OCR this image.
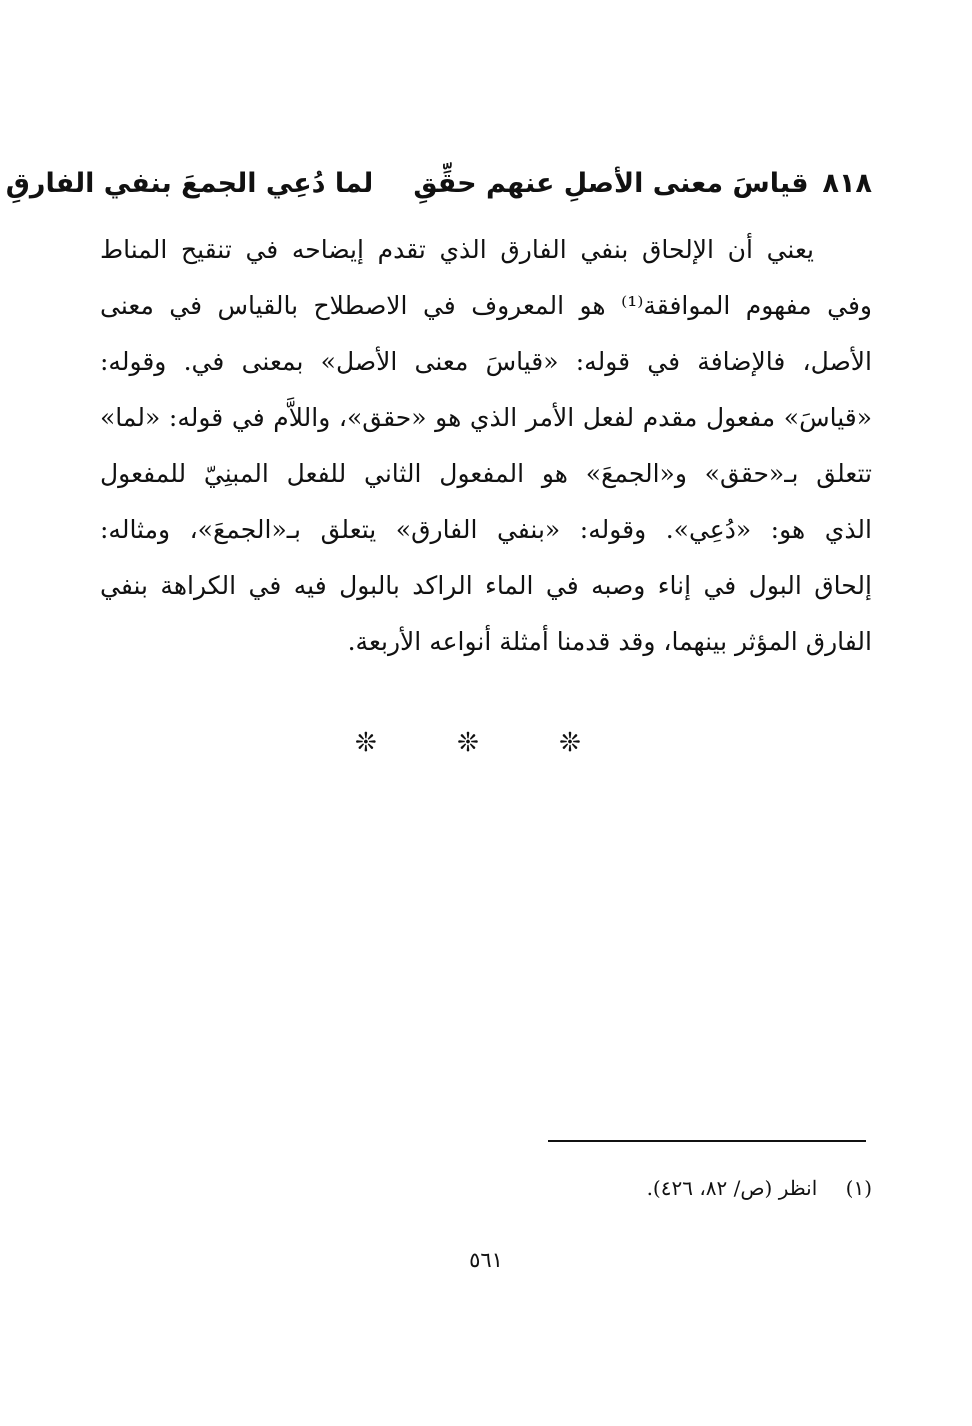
٨١٨
قياسَ معنى الأصلِ عنهم حقِّقِ
لما دُعِي الجمعَ بنفي الفارقِ
يعني أن الإلحاق بنفي الفارق الذي تقدم إيضاحه في تنقيح المناط
وفي مفهوم الموافقة⁽¹⁾ هو المعروف في الاصطلاح بالقياس في معنى
الأصل، فالإضافة في قوله: «قياسَ معنى الأصل» بمعنى في. وقوله:
«قياسَ» مفعول مقدم لفعل الأمر الذي هو «حقق»، واللاَّم في قوله: «لما»
تتعلق بـ«حقق» و«الجمعَ» هو المفعول الثاني للفعل المبنِيّ للمفعول
الذي هو: «دُعِي». وقوله: «بنفي الفارق» يتعلق بـ«الجمعَ»، ومثاله:
إلحاق البول في إناء وصبه في الماء الراكد بالبول فيه في الكراهة بنفي
الفارق المؤثر بينهما، وقد قدمنا أمثلة أنواعه الأربعة.
❊ ❊ ❊
(١) انظر (ص/ ٨٢، ٤٢٦).
٥٦١
